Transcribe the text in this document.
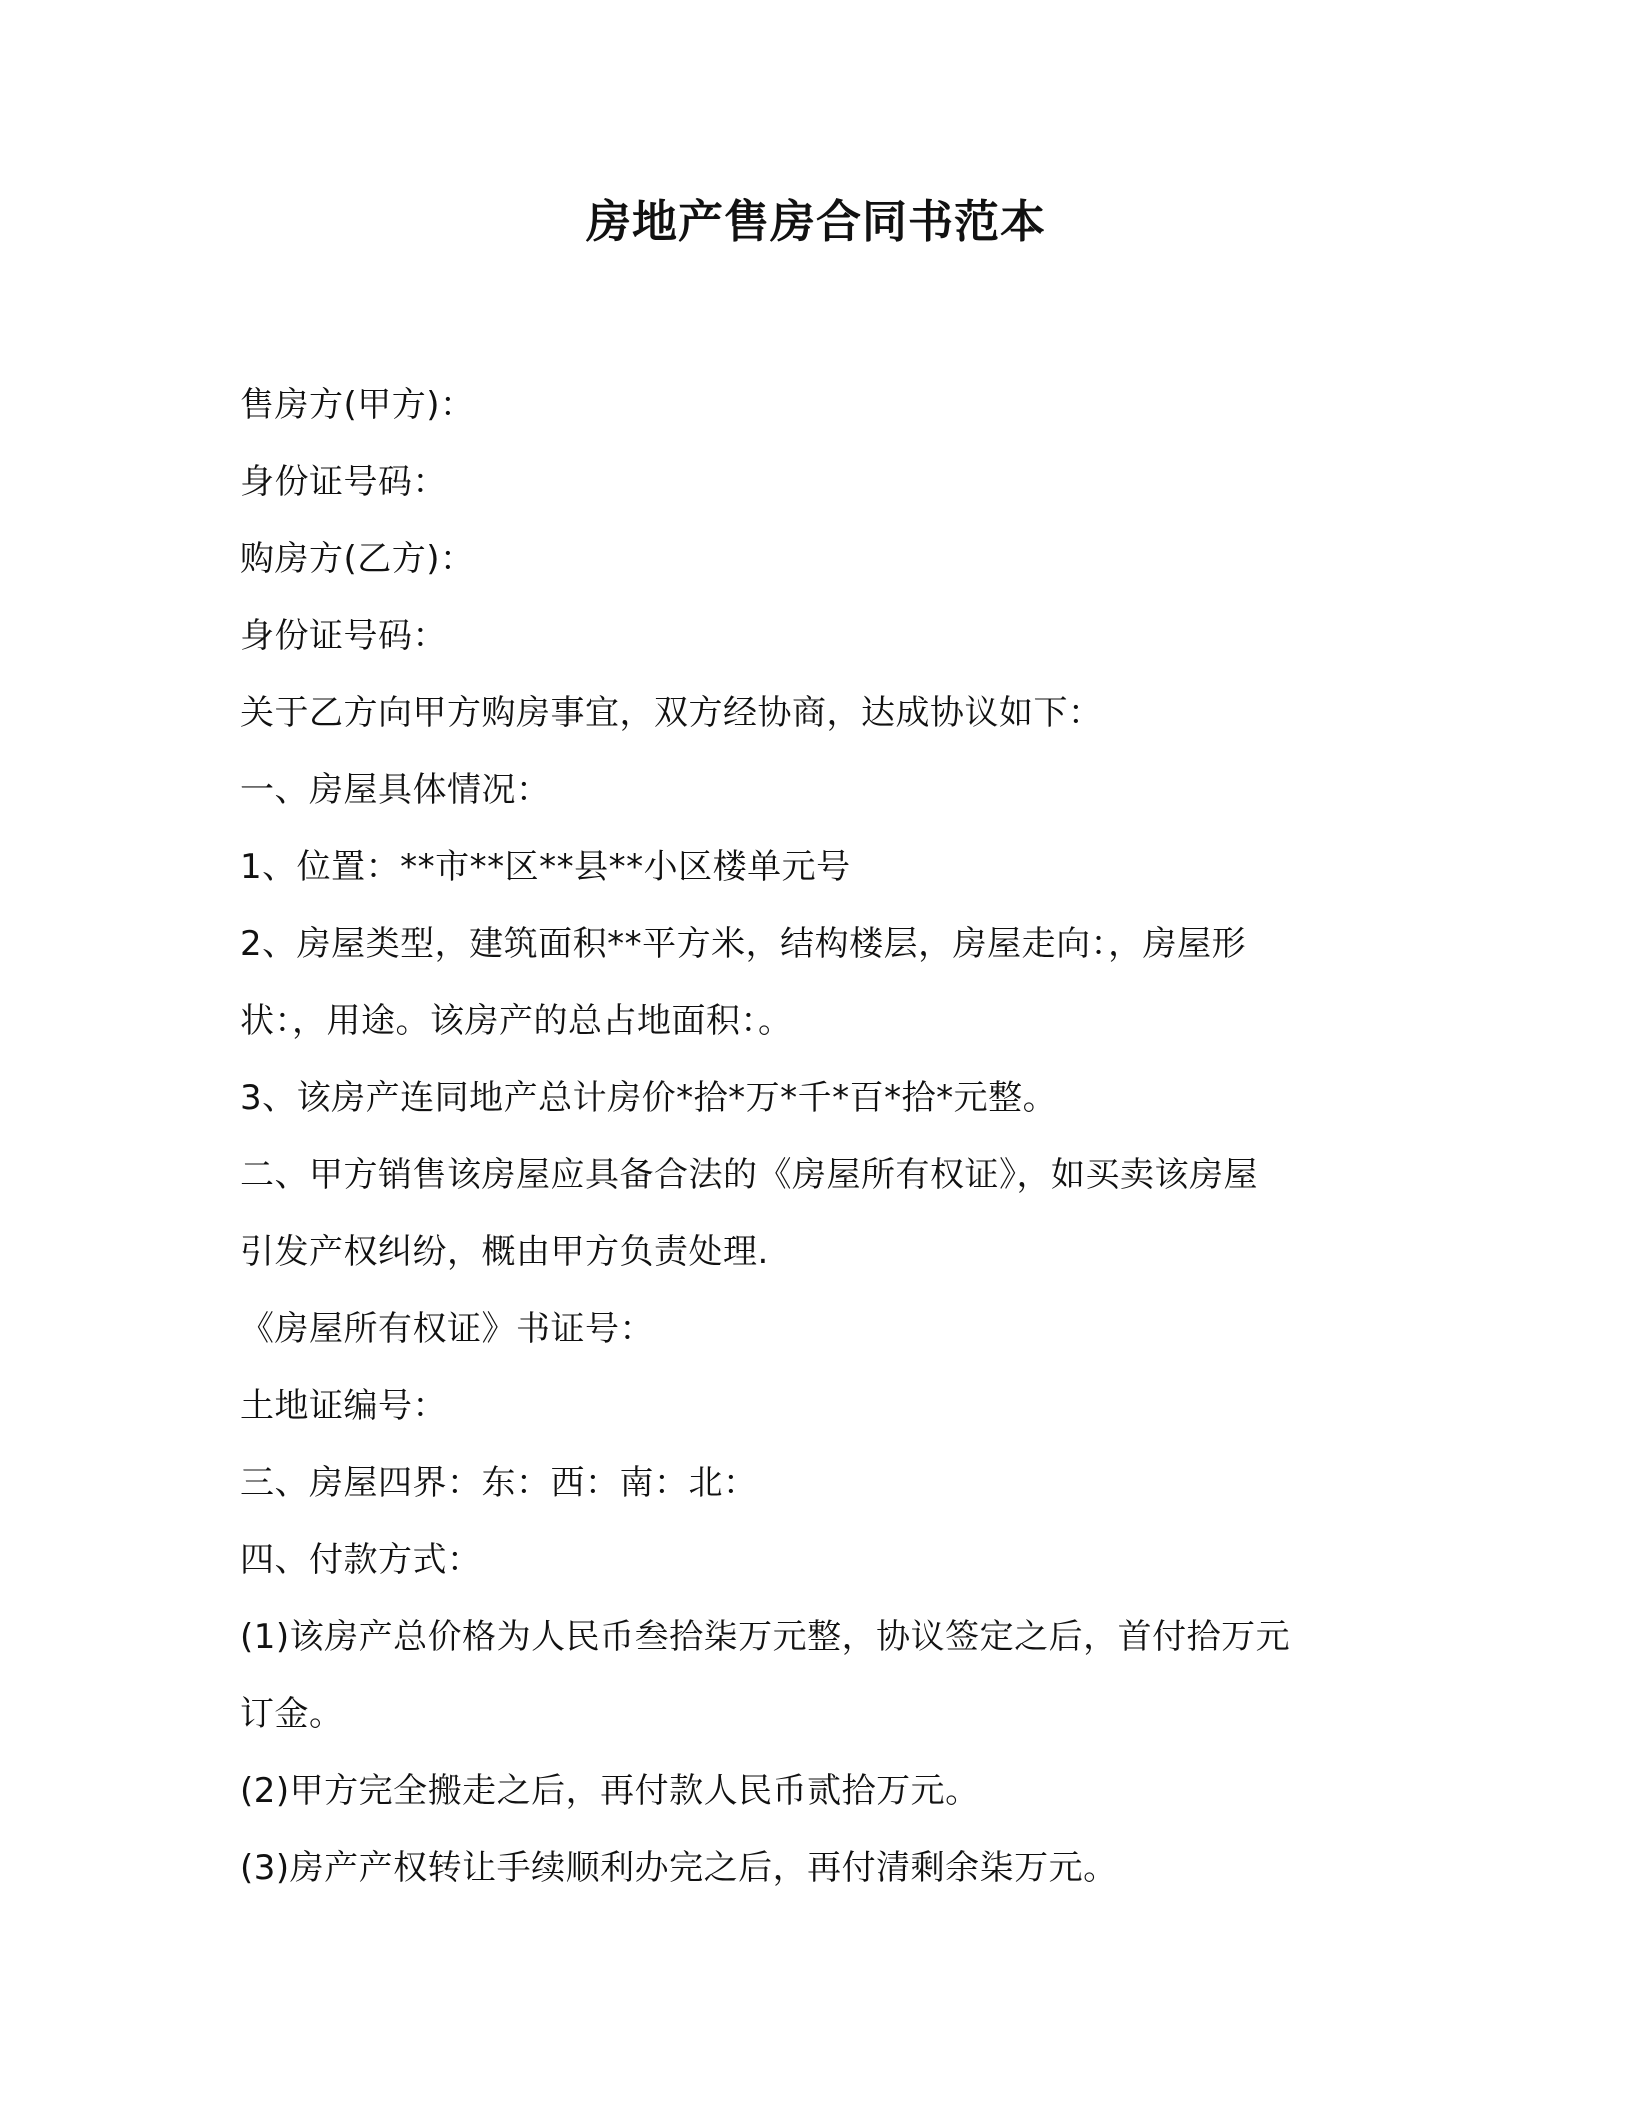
房地产售房合同书范本

售房方(甲方)：

身份证号码：

购房方(乙方)：

身份证号码：

关于乙方向甲方购房事宜，双方经协商，达成协议如下：

一、房屋具体情况：

1、位置：**市**区**县**小区楼单元号

2、房屋类型，建筑面积**平方米，结构楼层，房屋走向：，房屋形

状：，用途。该房产的总占地面积：。

3、该房产连同地产总计房价*拾*万*千*百*拾*元整。

二、甲方销售该房屋应具备合法的《房屋所有权证》，如买卖该房屋

引发产权纠纷，概由甲方负责处理.

《房屋所有权证》书证号：

土地证编号：

三、房屋四界：东：西：南：北：

四、付款方式：

(1)该房产总价格为人民币叁拾柒万元整，协议签定之后，首付拾万元

订金。

(2)甲方完全搬走之后，再付款人民币贰拾万元。

(3)房产产权转让手续顺利办完之后，再付清剩余柒万元。
